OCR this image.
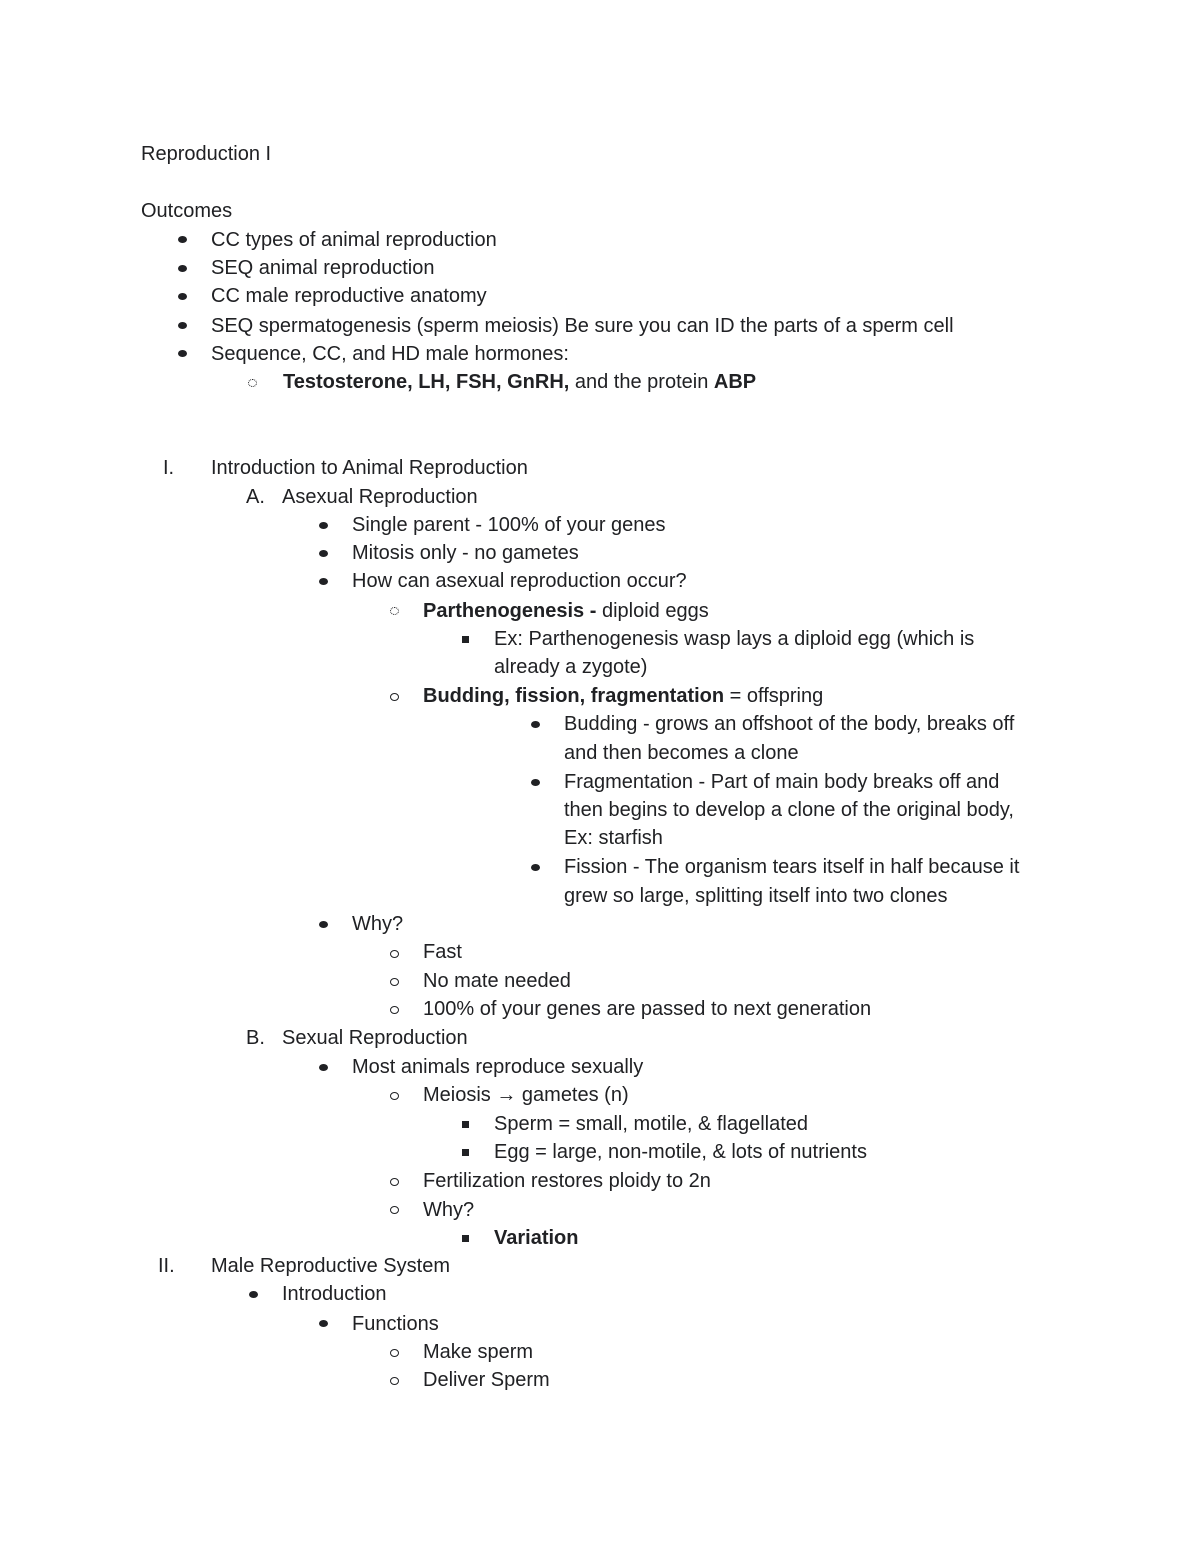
Reproduction I
Outcomes
CC types of animal reproduction
SEQ animal reproduction
CC male reproductive anatomy
SEQ spermatogenesis (sperm meiosis) Be sure you can ID the parts of a sperm cell
Sequence, CC, and HD male hormones:
Testosterone, LH, FSH, GnRH, and the protein ABP
I. Introduction to Animal Reproduction
A. Asexual Reproduction
Single parent - 100% of your genes
Mitosis only - no gametes
How can asexual reproduction occur?
Parthenogenesis - diploid eggs
Ex: Parthenogenesis wasp lays a diploid egg (which is
already a zygote)
Budding, fission, fragmentation = offspring
Budding - grows an offshoot of the body, breaks off
and then becomes a clone
Fragmentation - Part of main body breaks off and
then begins to develop a clone of the original body,
Ex: starfish
Fission - The organism tears itself in half because it
grew so large, splitting itself into two clones
Why?
Fast
No mate needed
100% of your genes are passed to next generation
B. Sexual Reproduction
Most animals reproduce sexually
Meiosis → gametes (n)
Sperm = small, motile, & flagellated
Egg = large, non-motile, & lots of nutrients
Fertilization restores ploidy to 2n
Why?
Variation
II. Male Reproductive System
Introduction
Functions
Make sperm
Deliver Sperm
